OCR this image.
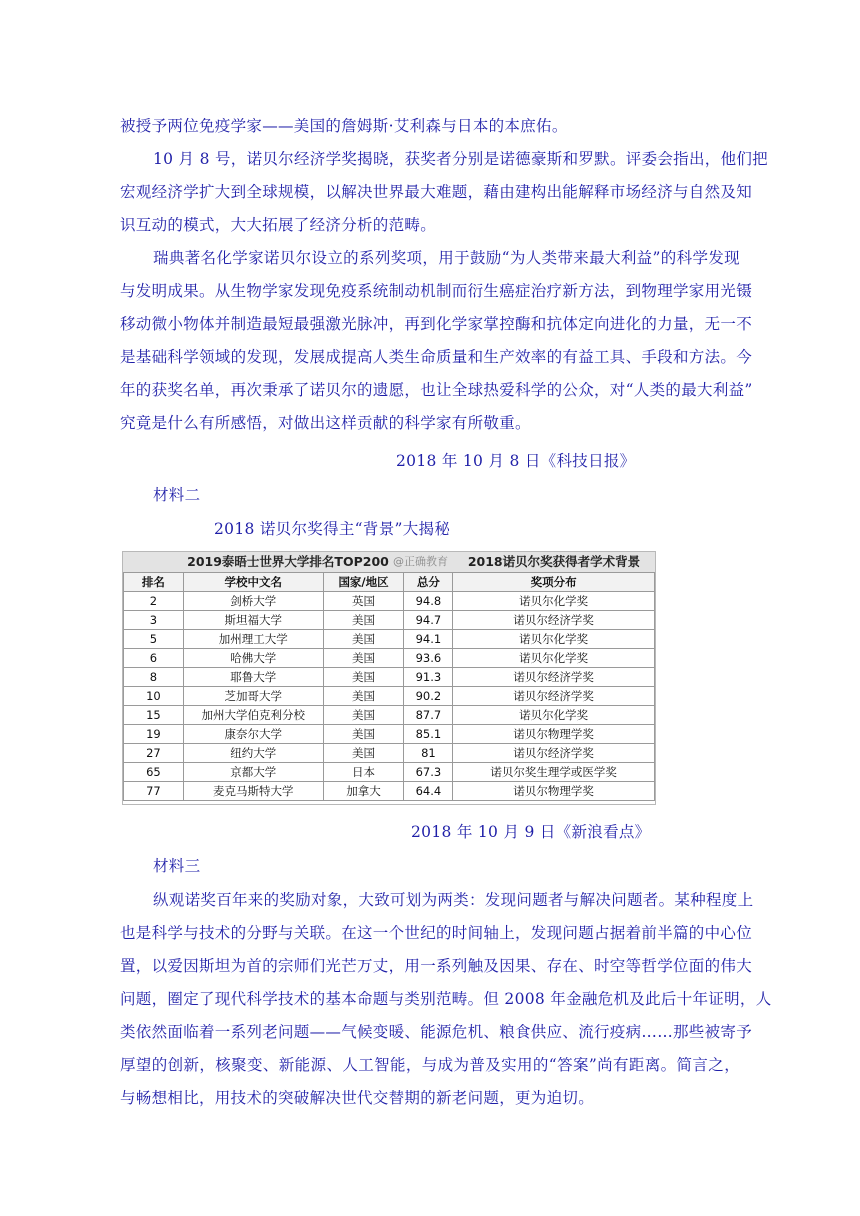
被授予两位免疫学家——美国的詹姆斯·艾利森与日本的本庶佑。
10 月 8 号，诺贝尔经济学奖揭晓，获奖者分别是诺德豪斯和罗默。评委会指出，他们把
宏观经济学扩大到全球规模，以解决世界最大难题，藉由建构出能解释市场经济与自然及知
识互动的模式，大大拓展了经济分析的范畴。
瑞典著名化学家诺贝尔设立的系列奖项，用于鼓励“为人类带来最大利益”的科学发现
与发明成果。从生物学家发现免疫系统制动机制而衍生癌症治疗新方法，到物理学家用光镊
移动微小物体并制造最短最强激光脉冲，再到化学家掌控酶和抗体定向进化的力量，无一不
是基础科学领域的发现，发展成提高人类生命质量和生产效率的有益工具、手段和方法。今
年的获奖名单，再次秉承了诺贝尔的遗愿，也让全球热爱科学的公众，对“人类的最大利益”
究竟是什么有所感悟，对做出这样贡献的科学家有所敬重。
2018 年 10 月 8 日《科技日报》
材料二
2018 诺贝尔奖得主“背景”大揭秘
2019泰晤士世界大学排名TOP200 @正确教育	2018诺贝尔奖获得者学术背景
排名	学校中文名	国家/地区	总分	奖项分布
2	剑桥大学	英国	94.8	诺贝尔化学奖
3	斯坦福大学	美国	94.7	诺贝尔经济学奖
5	加州理工大学	美国	94.1	诺贝尔化学奖
6	哈佛大学	美国	93.6	诺贝尔化学奖
8	耶鲁大学	美国	91.3	诺贝尔经济学奖
10	芝加哥大学	美国	90.2	诺贝尔经济学奖
15	加州大学伯克利分校	美国	87.7	诺贝尔化学奖
19	康奈尔大学	美国	85.1	诺贝尔物理学奖
27	纽约大学	美国	81	诺贝尔经济学奖
65	京都大学	日本	67.3	诺贝尔奖生理学或医学奖
77	麦克马斯特大学	加拿大	64.4	诺贝尔物理学奖
2018 年 10 月 9 日《新浪看点》
材料三
纵观诺奖百年来的奖励对象，大致可划为两类：发现问题者与解决问题者。某种程度上
也是科学与技术的分野与关联。在这一个世纪的时间轴上，发现问题占据着前半篇的中心位
置，以爱因斯坦为首的宗师们光芒万丈，用一系列触及因果、存在、时空等哲学位面的伟大
问题，圈定了现代科学技术的基本命题与类别范畴。但 2008 年金融危机及此后十年证明，人
类依然面临着一系列老问题——气候变暖、能源危机、粮食供应、流行疫病……那些被寄予
厚望的创新，核聚变、新能源、人工智能，与成为普及实用的“答案”尚有距离。简言之，
与畅想相比，用技术的突破解决世代交替期的新老问题，更为迫切。
